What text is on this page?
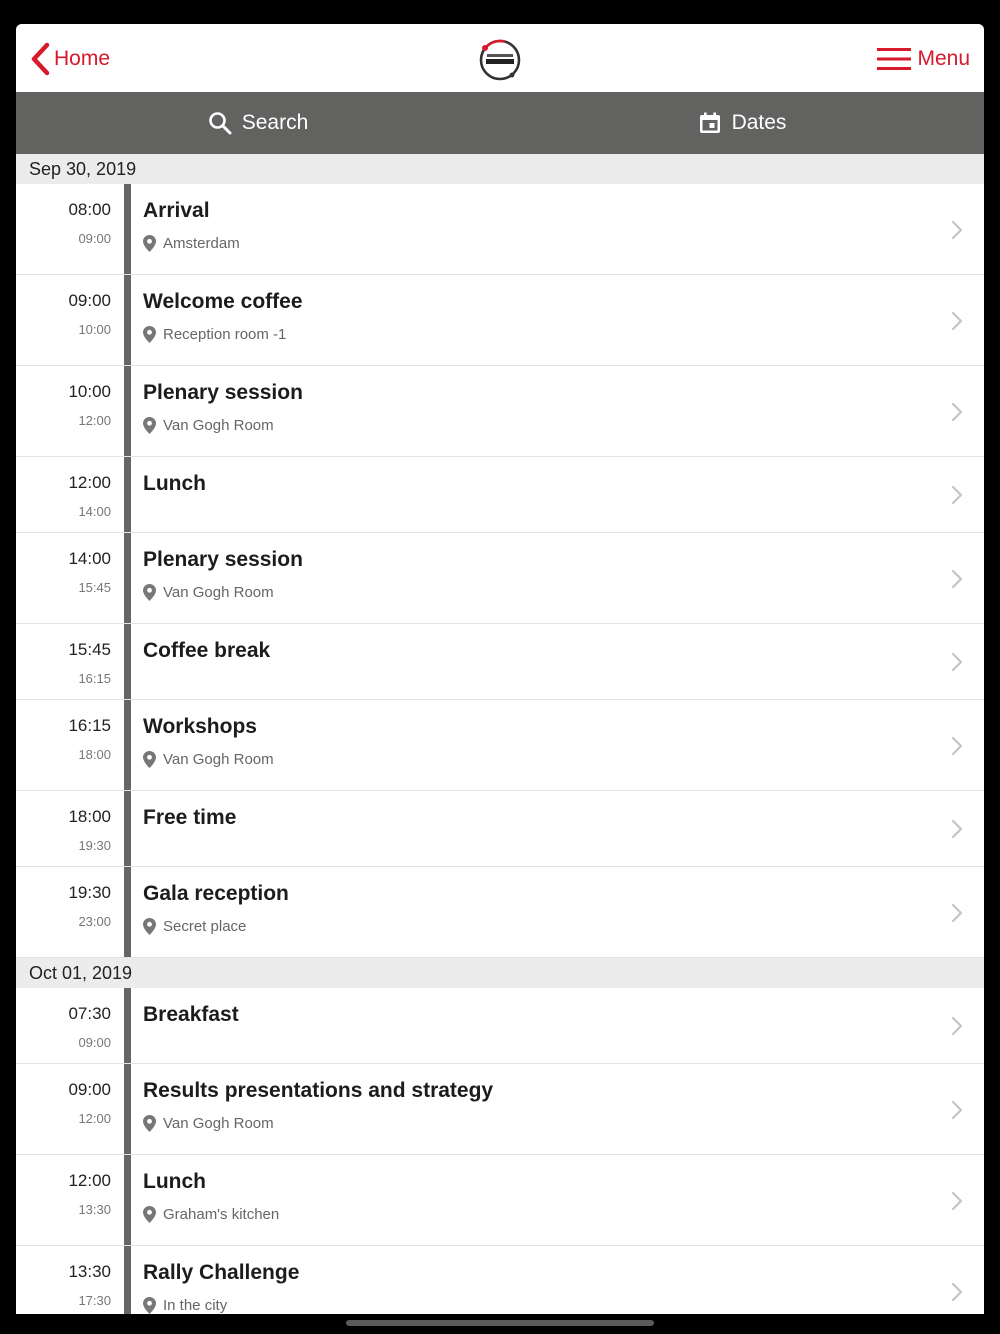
Home	Menu
Search	Dates
Sep 30, 2019
08:00
09:00
Arrival
Amsterdam
09:00
10:00
Welcome coffee
Reception room -1
10:00
12:00
Plenary session
Van Gogh Room
12:00
14:00
Lunch
14:00
15:45
Plenary session
Van Gogh Room
15:45
16:15
Coffee break
16:15
18:00
Workshops
Van Gogh Room
18:00
19:30
Free time
19:30
23:00
Gala reception
Secret place
Oct 01, 2019
07:30
09:00
Breakfast
09:00
12:00
Results presentations and strategy
Van Gogh Room
12:00
13:30
Lunch
Graham's kitchen
13:30
17:30
Rally Challenge
In the city
